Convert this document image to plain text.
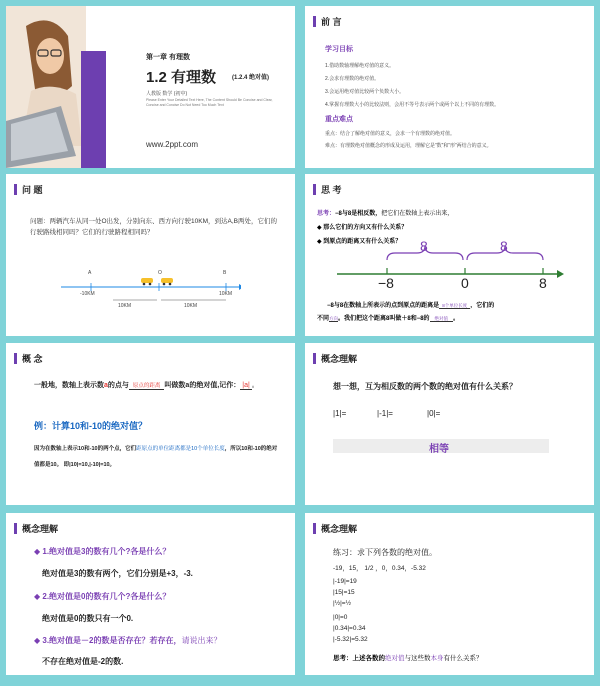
第一章 有理数
1.2 有理数	(1.2.4 绝对值)
人教版 数学 (初中)
Please Enter Your Detailed Text Here, The Content Should Be Concise and Clear,
Concise and Concise Do Not Need Too Much Text
www.2ppt.com
前 言
学习目标
1.借助数轴理解绝对值的意义。
2.会求有理数的绝对值。
3.会运用绝对值比较两个负数大小。
4.掌握有理数大小的比较法则，会用不等号表示两个或两个以上不同的有理数。
重点难点
重点：结合了解绝对值的意义，会求一个有理数的绝对值。
难点：有理数绝对值概念的形成及运用，理解它是“数”和“形”两结合的意义。
问 题
问题：两辆汽车从同一处O出发，分别向东、西方向行驶10KM，到达A,B两处，它们的行驶路线相同吗？它们的行驶路程相同吗？
A	O	B
-10KM	10KM
10KM	10KM
思 考
思考：−8与8是相反数，把它们在数轴上表示出来，
◆ 那么它们的方向又有什么关系？
◆ 到原点的距离又有什么关系？ 8	8
−8	0	8
−8与8在数轴上所表示的点到原点的距离是 8个单位长度 ，它们的
不同方向。我们把这个距离8叫做＋8和−8的 绝对值 。
概 念
一般地，数轴上表示数a的点与 原点的距离 叫做数a的绝对值,记作： |a| 。
例：计算10和-10的绝对值？
因为在数轴上表示10和-10的两个点，它们距原点的单位距离都是10个单位长度，所以10和-10的绝对值都是10。 即|10|=10,|-10|=10。
概念理解
想一想，互为相反数的两个数的绝对值有什么关系？
|1|=	|-1|=	|0|=
相等
概念理解
◆ 1.绝对值是3的数有几个?各是什么？
绝对值是3的数有两个，它们分别是+3，-3.
◆ 2.绝对值是0的数有几个?各是什么？
绝对值是0的数只有一个0.
◆ 3.绝对值是－2的数是否存在？若存在，请说出来？
不存在绝对值是-2的数.
概念理解
练习：求下列各数的绝对值。
-19，15， 1/2 ，0，0.34，-5.32
|-19|=19
|15|=15
|½|=½
|0|=0
|0.34|=0.34
|-5.32|=5.32
思考：上述各数的绝对值与这些数本身有什么关系？
